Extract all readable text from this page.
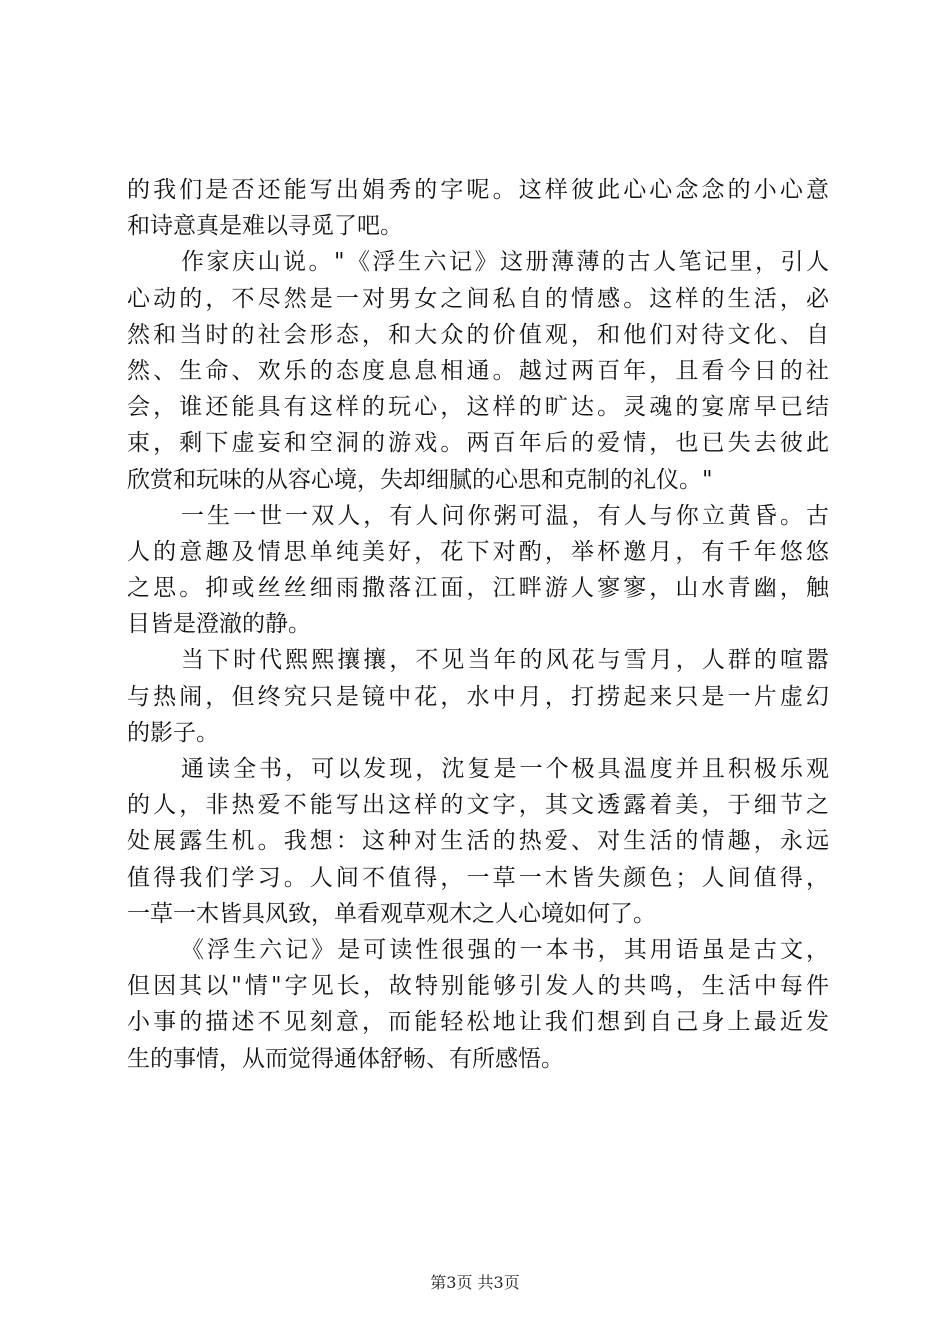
的我们是否还能写出娟秀的字呢。这样彼此心心念念的小心意
和诗意真是难以寻觅了吧。
作家庆山说。"《浮生六记》这册薄薄的古人笔记里，引人
心动的，不尽然是一对男女之间私自的情感。这样的生活，必
然和当时的社会形态，和大众的价值观，和他们对待文化、自
然、生命、欢乐的态度息息相通。越过两百年，且看今日的社
会，谁还能具有这样的玩心，这样的旷达。灵魂的宴席早已结
束，剩下虚妄和空洞的游戏。两百年后的爱情，也已失去彼此
欣赏和玩味的从容心境，失却细腻的心思和克制的礼仪。"
一生一世一双人，有人问你粥可温，有人与你立黄昏。古
人的意趣及情思单纯美好，花下对酌，举杯邀月，有千年悠悠
之思。抑或丝丝细雨撒落江面，江畔游人寥寥，山水青幽，触
目皆是澄澈的静。
当下时代熙熙攘攘，不见当年的风花与雪月，人群的喧嚣
与热闹，但终究只是镜中花，水中月，打捞起来只是一片虚幻
的影子。
通读全书，可以发现，沈复是一个极具温度并且积极乐观
的人，非热爱不能写出这样的文字，其文透露着美，于细节之
处展露生机。我想：这种对生活的热爱、对生活的情趣，永远
值得我们学习。人间不值得，一草一木皆失颜色；人间值得，
一草一木皆具风致，单看观草观木之人心境如何了。
《浮生六记》是可读性很强的一本书，其用语虽是古文，
但因其以"情"字见长，故特别能够引发人的共鸣，生活中每件
小事的描述不见刻意，而能轻松地让我们想到自己身上最近发
生的事情，从而觉得通体舒畅、有所感悟。
第3页 共3页
